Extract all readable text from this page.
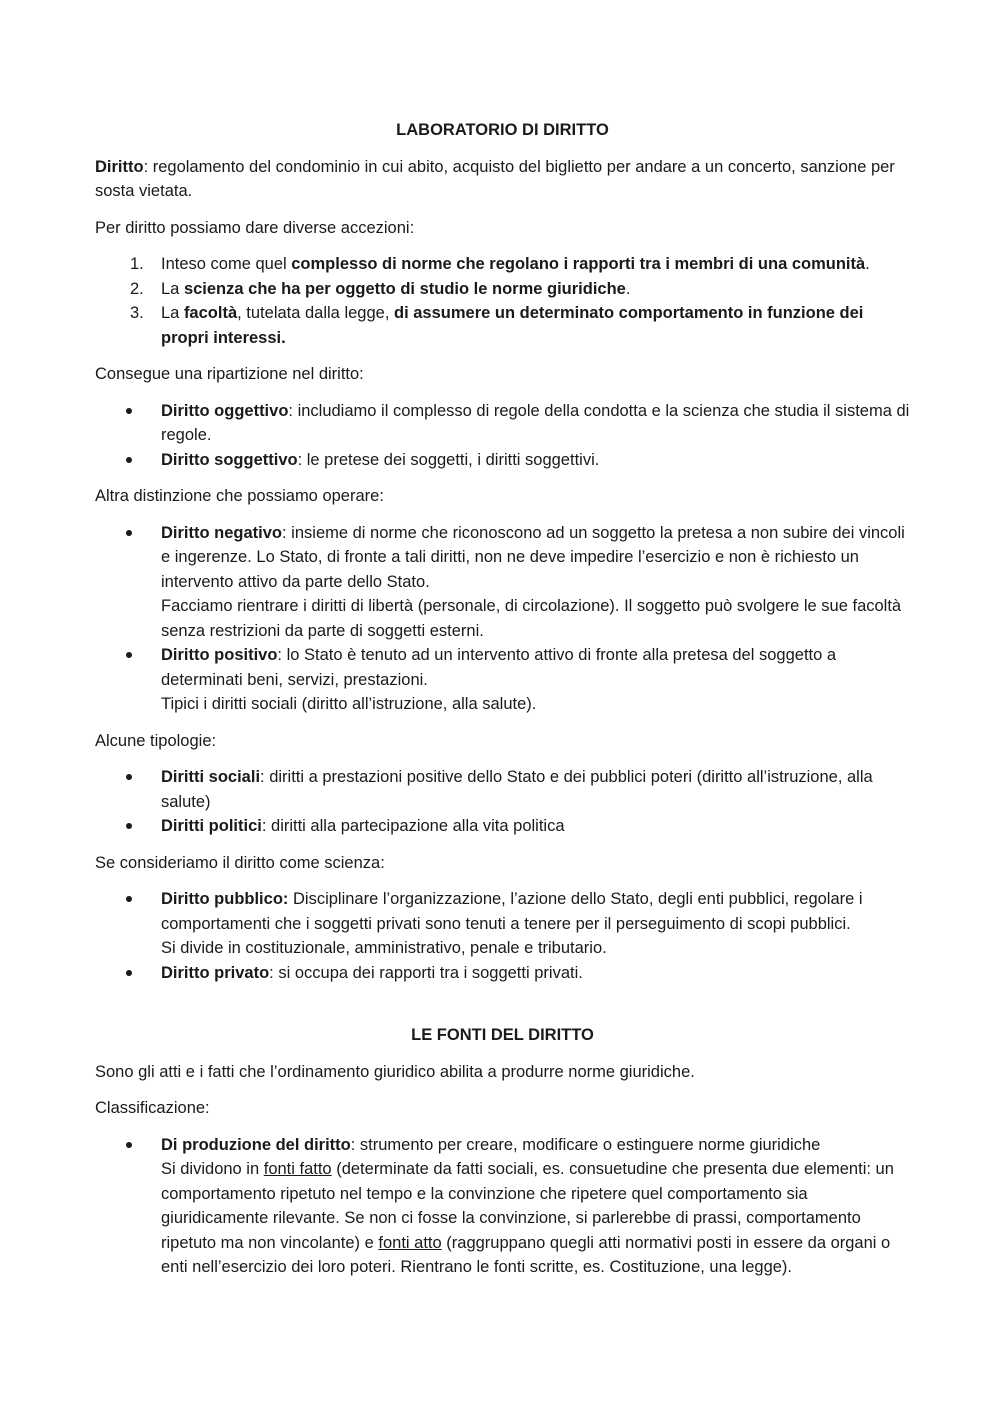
LABORATORIO DI DIRITTO

Diritto: regolamento del condominio in cui abito, acquisto del biglietto per andare a un concerto, sanzione per sosta vietata.

Per diritto possiamo dare diverse accezioni:

1. Inteso come quel complesso di norme che regolano i rapporti tra i membri di una comunità.
2. La scienza che ha per oggetto di studio le norme giuridiche.
3. La facoltà, tutelata dalla legge, di assumere un determinato comportamento in funzione dei propri interessi.

Consegue una ripartizione nel diritto:

Diritto oggettivo: includiamo il complesso di regole della condotta e la scienza che studia il sistema di regole.
Diritto soggettivo: le pretese dei soggetti, i diritti soggettivi.

Altra distinzione che possiamo operare:

Diritto negativo: insieme di norme che riconoscono ad un soggetto la pretesa a non subire dei vincoli e ingerenze. Lo Stato, di fronte a tali diritti, non ne deve impedire l’esercizio e non è richiesto un intervento attivo da parte dello Stato.
Facciamo rientrare i diritti di libertà (personale, di circolazione). Il soggetto può svolgere le sue facoltà senza restrizioni da parte di soggetti esterni.
Diritto positivo: lo Stato è tenuto ad un intervento attivo di fronte alla pretesa del soggetto a determinati beni, servizi, prestazioni.
Tipici i diritti sociali (diritto all’istruzione, alla salute).

Alcune tipologie:

Diritti sociali: diritti a prestazioni positive dello Stato e dei pubblici poteri (diritto all’istruzione, alla salute)
Diritti politici: diritti alla partecipazione alla vita politica

Se consideriamo il diritto come scienza:

Diritto pubblico: Disciplinare l’organizzazione, l’azione dello Stato, degli enti pubblici, regolare i comportamenti che i soggetti privati sono tenuti a tenere per il perseguimento di scopi pubblici.
Si divide in costituzionale, amministrativo, penale e tributario.
Diritto privato: si occupa dei rapporti tra i soggetti privati.
LE FONTI DEL DIRITTO

Sono gli atti e i fatti che l’ordinamento giuridico abilita a produrre norme giuridiche.

Classificazione:

Di produzione del diritto: strumento per creare, modificare o estinguere norme giuridiche
Si dividono in fonti fatto (determinate da fatti sociali, es. consuetudine che presenta due elementi: un comportamento ripetuto nel tempo e la convinzione che ripetere quel comportamento sia giuridicamente rilevante. Se non ci fosse la convinzione, si parlerebbe di prassi, comportamento ripetuto ma non vincolante) e fonti atto (raggruppano quegli atti normativi posti in essere da organi o enti nell’esercizio dei loro poteri. Rientrano le fonti scritte, es. Costituzione, una legge).
